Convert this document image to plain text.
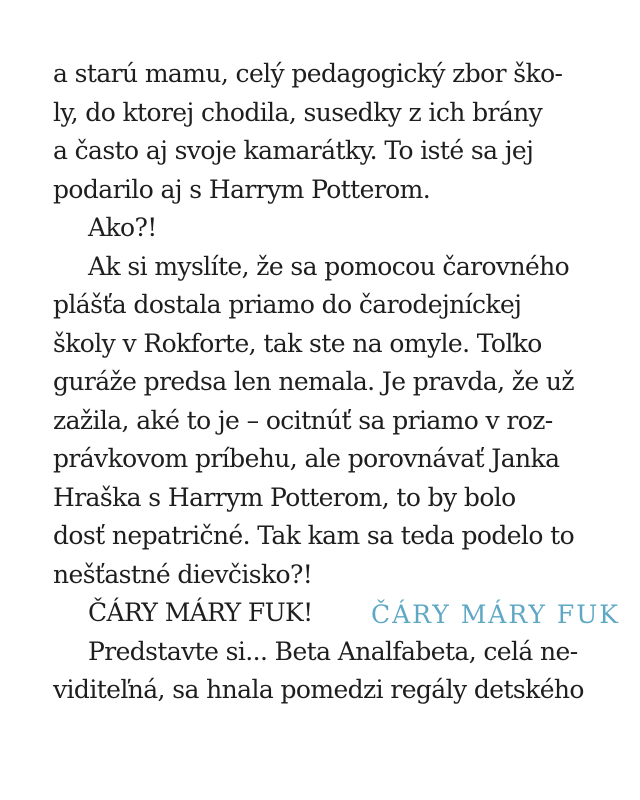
a starú mamu, celý pedagogický zbor ško-
ly, do ktorej chodila, susedky z ich brány
a často aj svoje kamarátky. To isté sa jej
podarilo aj s Harrym Potterom.
Ako?!
Ak si myslíte, že sa pomocou čarovného
plášťa dostala priamo do čarodejníckej
školy v Rokforte, tak ste na omyle. Toľko
guráže predsa len nemala. Je pravda, že už
zažila, aké to je – ocitnúť sa priamo v roz-
právkovom príbehu, ale porovnávať Janka
Hraška s Harrym Potterom, to by bolo
dosť nepatričné. Tak kam sa teda podelo to
nešťastné dievčisko?!
ČÁRY MÁRY FUK!
Predstavte si... Beta Analfabeta, celá ne-
viditeľná, sa hnala pomedzi regály detského
ČÁRY MÁRY FUK
